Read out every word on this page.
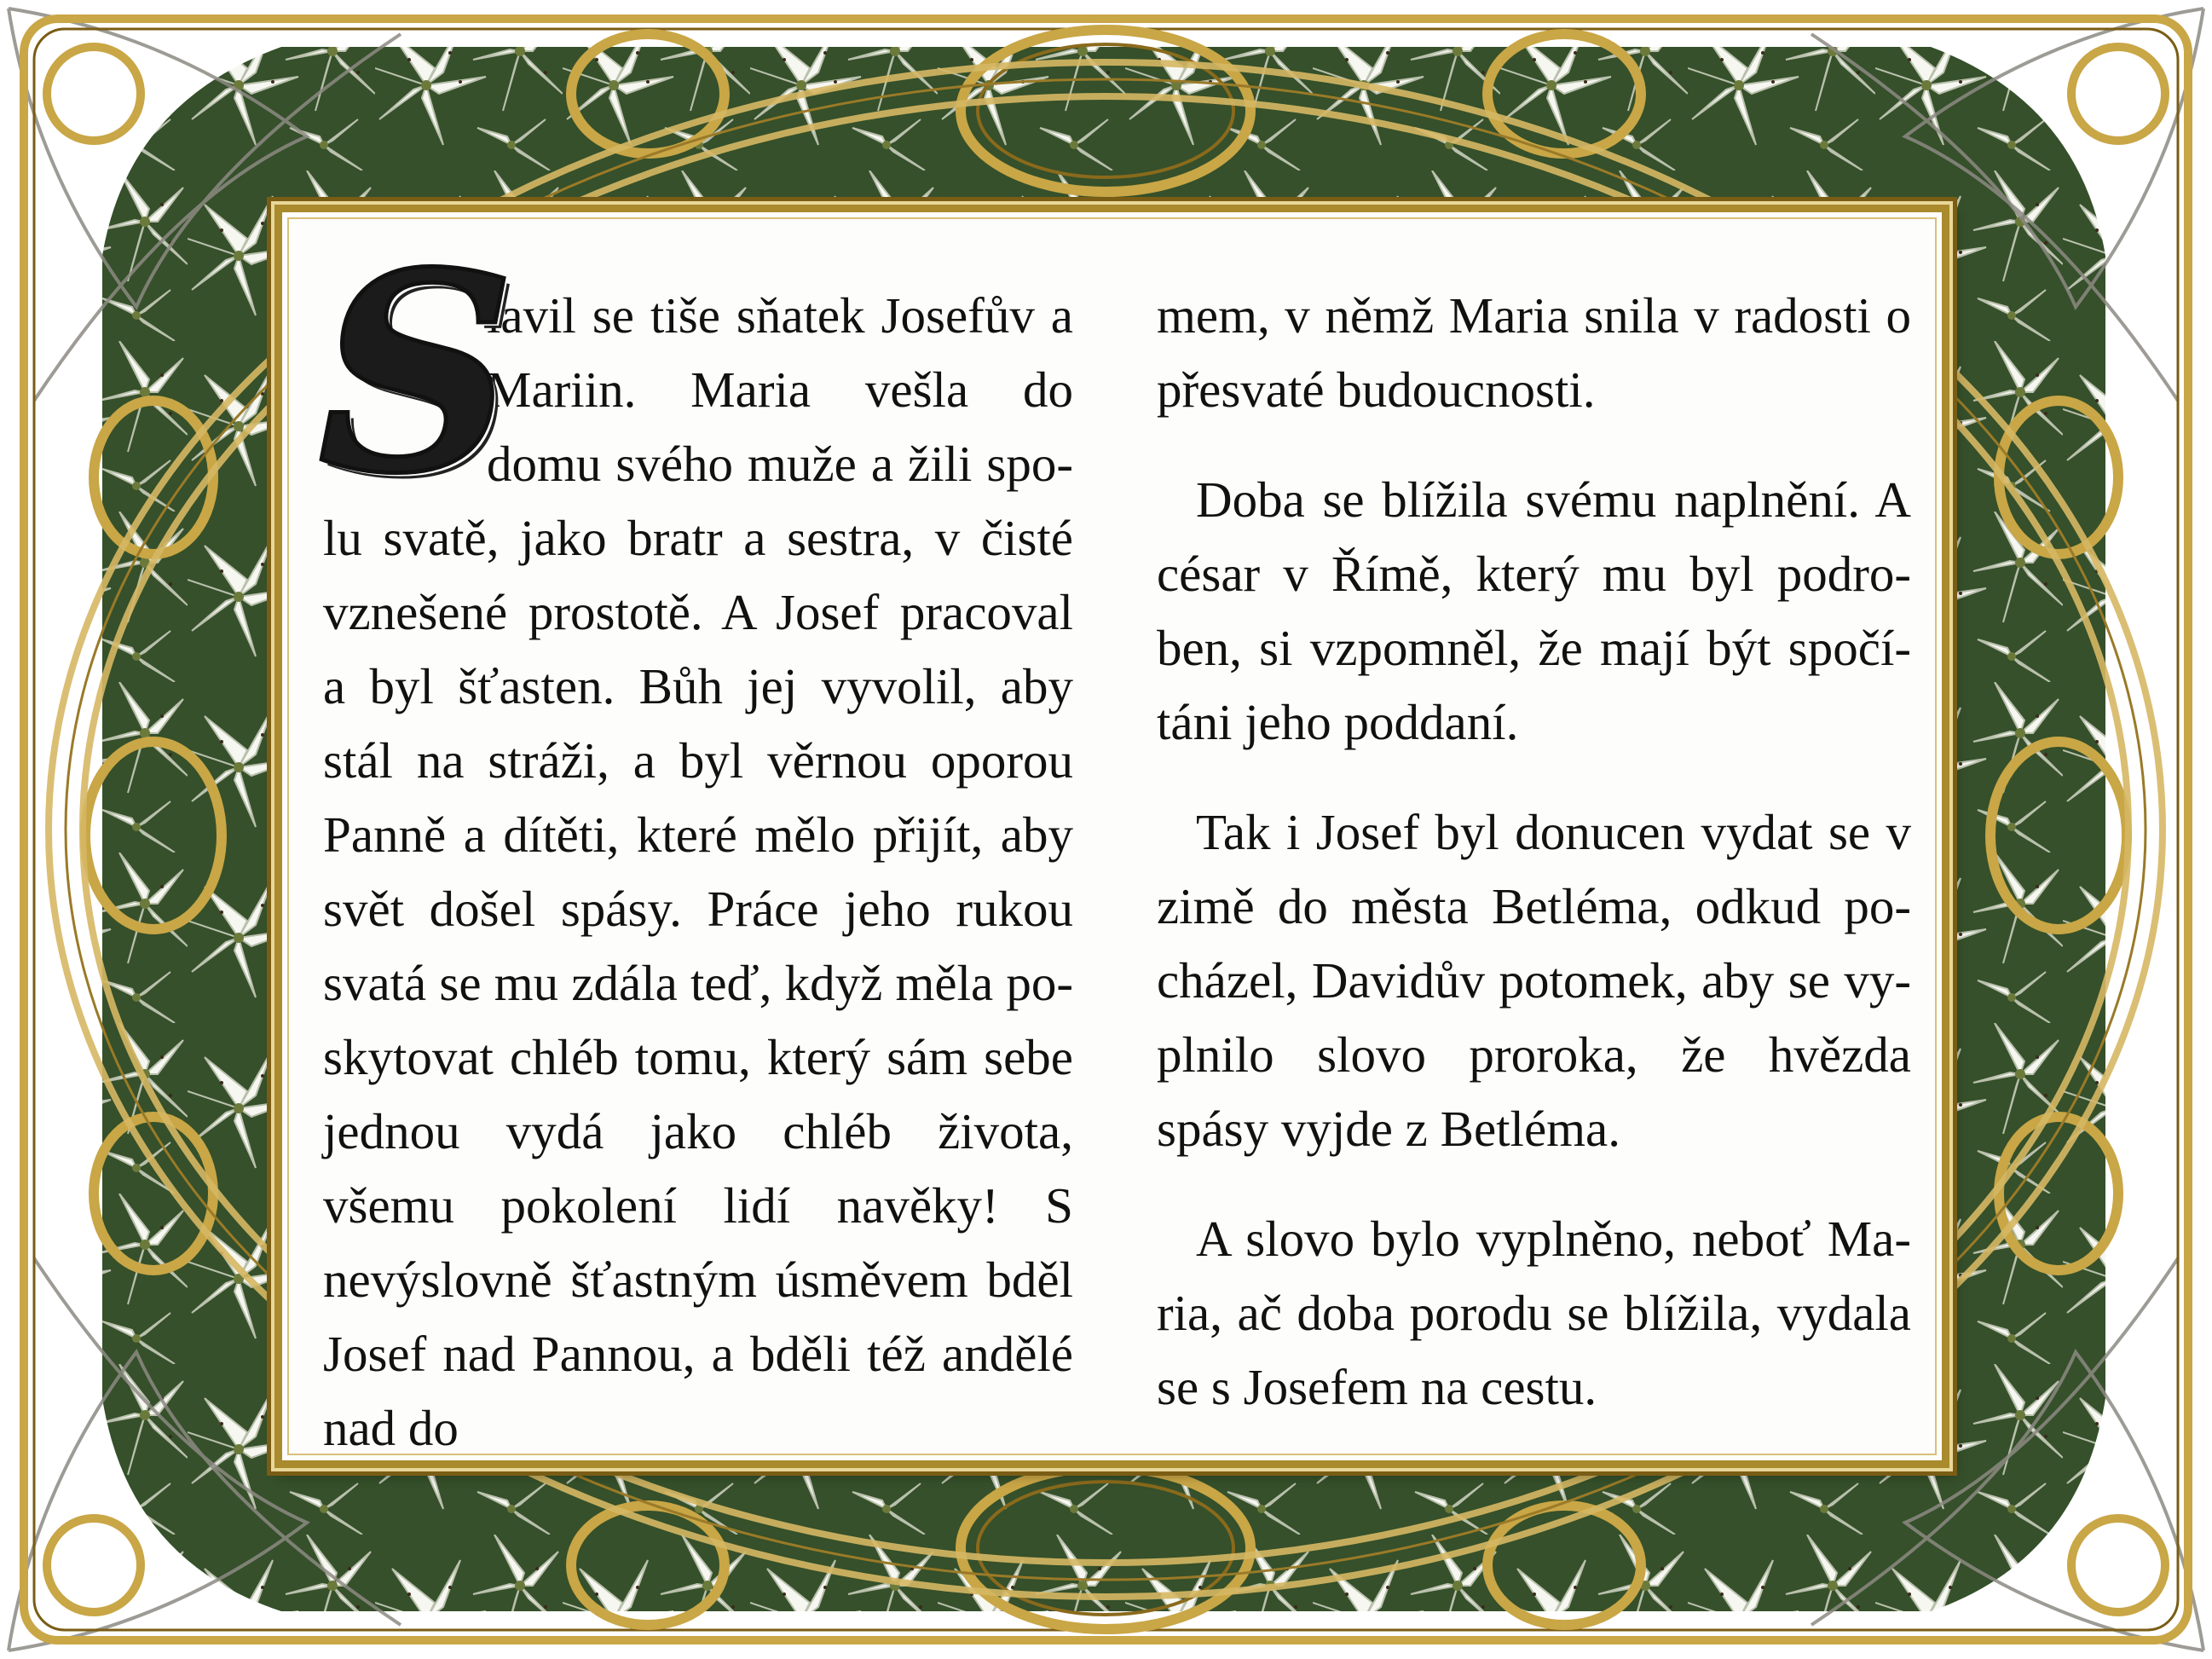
S
lavil se tiše sňatek Josefův a Mariin. Maria vešla do domu svého muže a žili spolu svatě, jako bratr a sestra, v čisté vznešené prostotě. A Josef pracoval a byl šťasten. Bůh jej vyvolil, aby stál na stráži, a byl věrnou oporou Panně a dítěti, které mělo přijít, aby svět došel spásy. Práce jeho rukou svatá se mu zdála teď, když měla poskytovat chléb tomu, který sám sebe jednou vydá jako chléb života, všemu pokolení lidí navěky! S nevýslovně šťastným úsměvem bděl Josef nad Pannou, a bděli též andělé nad do

mem, v němž Maria snila v radosti o přesvaté budoucnosti.

Doba se blížila svému naplnění. A césar v Římě, který mu byl podroben, si vzpomněl, že mají být spočítáni jeho poddaní.

Tak i Josef byl donucen vydat se v zimě do města Betléma, odkud pocházel, Davidův potomek, aby se vyplnilo slovo proroka, že hvězda spásy vyjde z Betléma.

A slovo bylo vyplněno, neboť Maria, ač doba porodu se blížila, vydala se s Josefem na cestu.
